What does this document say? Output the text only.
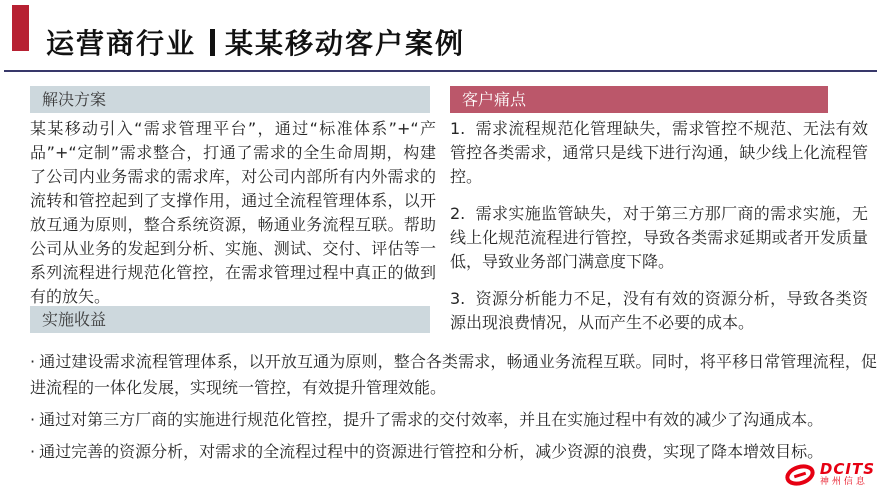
运营商行业 某某移动客户案例
解决方案
某某移动引入“需求管理平台”，通过“标准体系”+“产品”+“定制”需求整合，打通了需求的全生命周期，构建了公司内业务需求的需求库，对公司内部所有内外需求的流转和管控起到了支撑作用，通过全流程管理体系，以开放互通为原则，整合系统资源，畅通业务流程互联。帮助公司从业务的发起到分析、实施、测试、交付、评估等一系列流程进行规范化管控，在需求管理过程中真正的做到有的放矢。
客户痛点
1. 需求流程规范化管理缺失，需求管控不规范、无法有效管控各类需求，通常只是线下进行沟通，缺少线上化流程管控。
2. 需求实施监管缺失，对于第三方那厂商的需求实施，无线上化规范流程进行管控，导致各类需求延期或者开发质量低，导致业务部门满意度下降。
3. 资源分析能力不足，没有有效的资源分析，导致各类资源出现浪费情况，从而产生不必要的成本。
实施收益
· 通过建设需求流程管理体系，以开放互通为原则，整合各类需求，畅通业务流程互联。同时，将平移日常管理流程，促进流程的一体化发展，实现统一管控，有效提升管理效能。
· 通过对第三方厂商的实施进行规范化管控，提升了需求的交付效率，并且在实施过程中有效的减少了沟通成本。
· 通过完善的资源分析，对需求的全流程过程中的资源进行管控和分析，减少资源的浪费，实现了降本增效目标。
DCITS
神州信息
